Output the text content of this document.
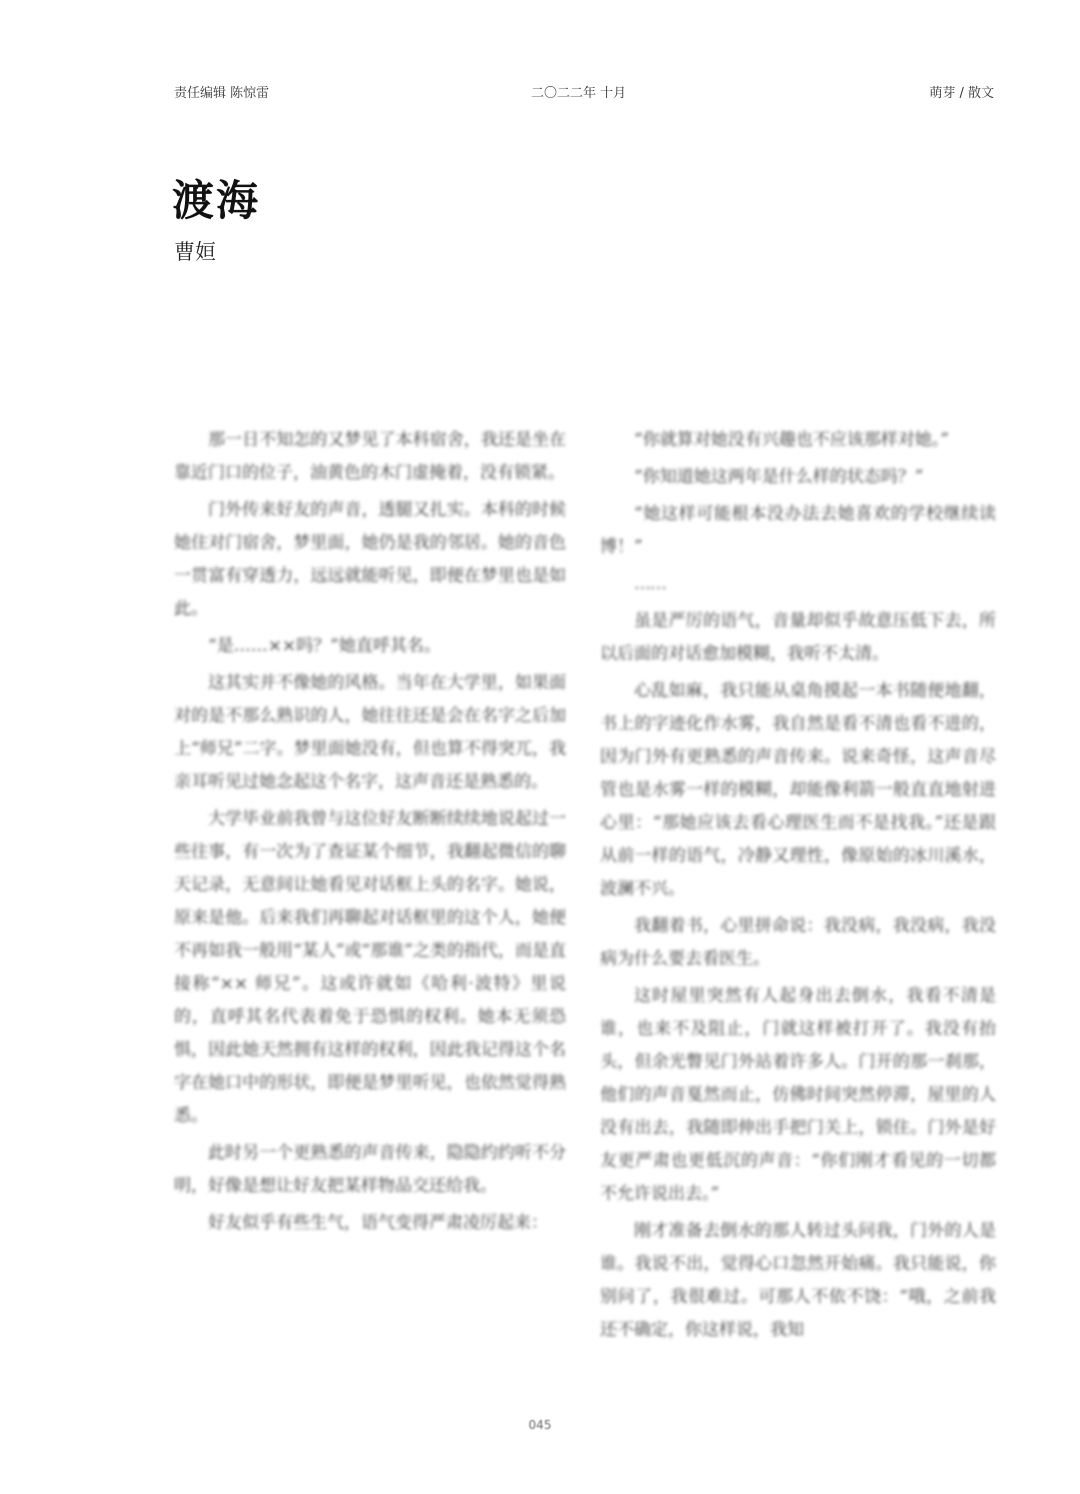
责任编辑 陈惊雷	二〇二二年 十月	萌芽 / 散文
渡海
曹姮

那一日不知怎的又梦见了本科宿舍，我还是坐在靠近门口的位子，油黄色的木门虚掩着，没有锁紧。

门外传来好友的声音，透腿又扎实。本科的时候她住对门宿舍，梦里面，她仍是我的邻居。她的音色一贯富有穿透力，远远就能听见，即便在梦里也是如此。

“是……××吗？”她直呼其名。

这其实并不像她的风格。当年在大学里，如果面对的是不那么熟识的人，她往往还是会在名字之后加上“师兄”二字。梦里面她没有，但也算不得突兀，我亲耳听见过她念起这个名字，这声音还是熟悉的。

大学毕业前我曾与这位好友断断续续地说起过一些往事，有一次为了查证某个细节，我翻起微信的聊天记录，无意间让她看见对话框上头的名字。她说，原来是他。后来我们再聊起对话框里的这个人，她便不再如我一般用“某人”或“那谁”之类的指代，而是直接称“×× 师兄”。这或许就如《哈利·波特》里说的，直呼其名代表着免于恐惧的权利。她本无须恐惧，因此她天然拥有这样的权利，因此我记得这个名字在她口中的形状，即便是梦里听见，也依然觉得熟悉。

此时另一个更熟悉的声音传来，隐隐约约听不分明，好像是想让好友把某样物品交还给我。

好友似乎有些生气，语气变得严肃凌厉起来：

“你就算对她没有兴趣也不应该那样对她。”

“你知道她这两年是什么样的状态吗？”

“她这样可能根本没办法去她喜欢的学校继续读博！”

……

虽是严厉的语气，音量却似乎故意压低下去，所以后面的对话愈加模糊，我听不太清。

心乱如麻，我只能从桌角摸起一本书随便地翻，书上的字迹化作水雾，我自然是看不清也看不进的，因为门外有更熟悉的声音传来。说来奇怪，这声音尽管也是水雾一样的模糊，却能像利箭一般直直地射进心里：“那她应该去看心理医生而不是找我。”还是跟从前一样的语气，冷静又理性，像原始的冰川溪水，波澜不兴。

我翻着书，心里拼命说：我没病，我没病，我没病为什么要去看医生。

这时屋里突然有人起身出去倒水，我看不清是谁，也来不及阻止，门就这样被打开了。我没有抬头，但余光瞥见门外站着许多人。门开的那一刹那，他们的声音戛然而止，仿佛时间突然停滞，屋里的人没有出去，我随即伸出手把门关上，锁住。门外是好友更严肃也更低沉的声音：“你们刚才看见的一切都不允许说出去。”

刚才准备去倒水的那人转过头问我，门外的人是谁。我说不出，觉得心口忽然开始痛。我只能说，你别问了，我很难过。可那人不依不饶：“哦，之前我还不确定，你这样说，我知

045
